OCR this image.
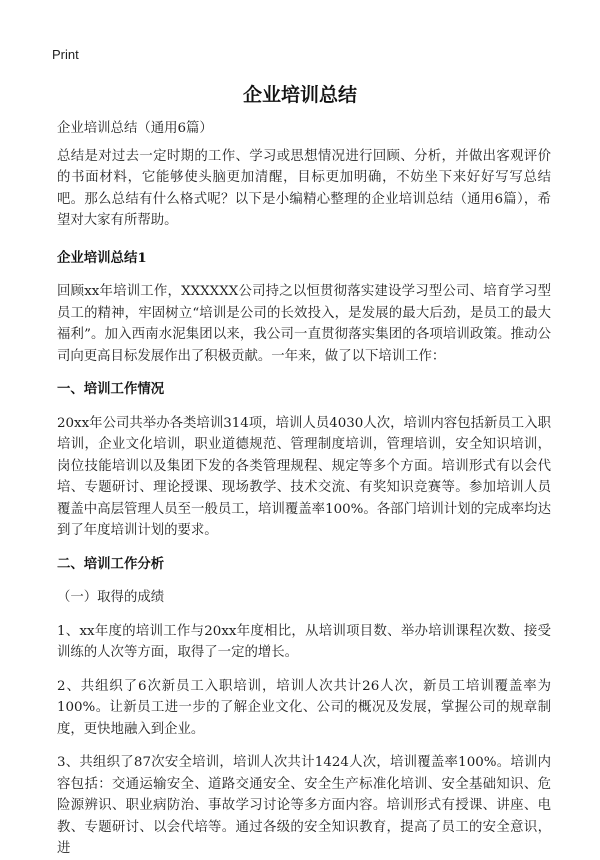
Print
企业培训总结

企业培训总结（通用6篇）

总结是对过去一定时期的工作、学习或思想情况进行回顾、分析，并做出客观评价的书面材料，它能够使头脑更加清醒，目标更加明确，不妨坐下来好好写写总结吧。那么总结有什么格式呢？以下是小编精心整理的企业培训总结（通用6篇），希望对大家有所帮助。

企业培训总结1

回顾xx年培训工作，XXXXXX公司持之以恒贯彻落实建设学习型公司、培育学习型员工的精神，牢固树立“培训是公司的长效投入，是发展的最大后劲，是员工的最大福利”。加入西南水泥集团以来，我公司一直贯彻落实集团的各项培训政策。推动公司向更高目标发展作出了积极贡献。一年来，做了以下培训工作：

一、培训工作情况

20xx年公司共举办各类培训314项，培训人员4030人次，培训内容包括新员工入职培训，企业文化培训，职业道德规范、管理制度培训，管理培训，安全知识培训，岗位技能培训以及集团下发的各类管理规程、规定等多个方面。培训形式有以会代培、专题研讨、理论授课、现场教学、技术交流、有奖知识竞赛等。参加培训人员覆盖中高层管理人员至一般员工，培训覆盖率100%。各部门培训计划的完成率均达到了年度培训计划的要求。

二、培训工作分析

（一）取得的成绩

1、xx年度的培训工作与20xx年度相比，从培训项目数、举办培训课程次数、接受训练的人次等方面，取得了一定的增长。

2、共组织了6次新员工入职培训，培训人次共计26人次，新员工培训覆盖率为100%。让新员工进一步的了解企业文化、公司的概况及发展，掌握公司的规章制度，更快地融入到企业。

3、共组织了87次安全培训，培训人次共计1424人次，培训覆盖率100%。培训内容包括：交通运输安全、道路交通安全、安全生产标准化培训、安全基础知识、危险源辨识、职业病防治、事故学习讨论等多方面内容。培训形式有授课、讲座、电教、专题研讨、以会代培等。通过各级的安全知识教育，提高了员工的安全意识，进
